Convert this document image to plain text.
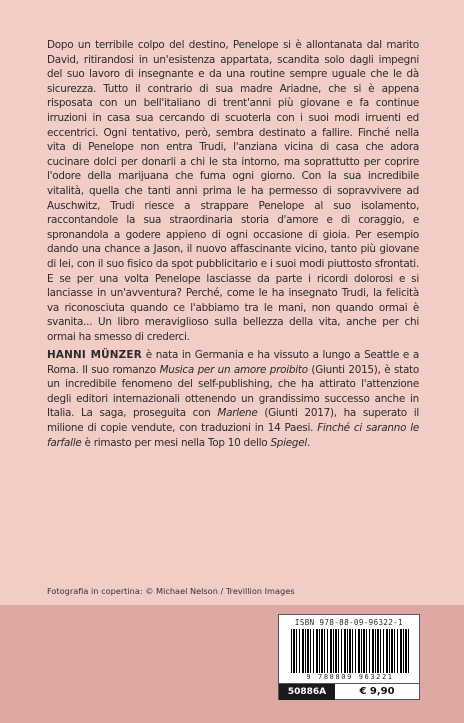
Dopo un terribile colpo del destino, Penelope si è allontanata dal marito David, ritirandosi in un'esistenza appartata, scandita solo dagli impegni del suo lavoro di insegnante e da una routine sempre uguale che le dà sicurezza. Tutto il contrario di sua madre Ariadne, che si è appena risposata con un bell'italiano di trent'anni più giovane e fa continue irruzioni in casa sua cercando di scuoterla con i suoi modi irruenti ed eccentrici. Ogni tentativo, però, sembra destinato a fallire. Finché nella vita di Penelope non entra Trudi, l'anziana vicina di casa che adora cucinare dolci per donarli a chi le sta intorno, ma soprattutto per coprire l'odore della marijuana che fuma ogni giorno. Con la sua incredibile vitalità, quella che tanti anni prima le ha permesso di sopravvivere ad Auschwitz, Trudi riesce a strappare Penelope al suo isolamento, raccontandole la sua straordinaria storia d'amore e di coraggio, e spronandola a godere appieno di ogni occasione di gioia. Per esempio dando una chance a Jason, il nuovo affascinante vicino, tanto più giovane di lei, con il suo fisico da spot pubblicitario e i suoi modi piuttosto sfrontati. E se per una volta Penelope lasciasse da parte i ricordi dolorosi e si lanciasse in un'avventura? Perché, come le ha insegnato Trudi, la felicità va riconosciuta quando ce l'abbiamo tra le mani, non quando ormai è svanita... Un libro meraviglioso sulla bellezza della vita, anche per chi ormai ha smesso di crederci.

HANNI MÜNZER è nata in Germania e ha vissuto a lungo a Seattle e a Roma. Il suo romanzo Musica per un amore proibito (Giunti 2015), è stato un incredibile fenomeno del self-publishing, che ha attirato l'attenzione degli editori internazionali ottenendo un grandissimo successo anche in Italia. La saga, proseguita con Marlene (Giunti 2017), ha superato il milione di copie vendute, con traduzioni in 14 Paesi. Finché ci saranno le farfalle è rimasto per mesi nella Top 10 dello Spiegel.
Fotografia in copertina: © Michael Nelson / Trevillion Images
ISBN 978-88-09-96322-1
9 788809 963221
50886A	€ 9,90
